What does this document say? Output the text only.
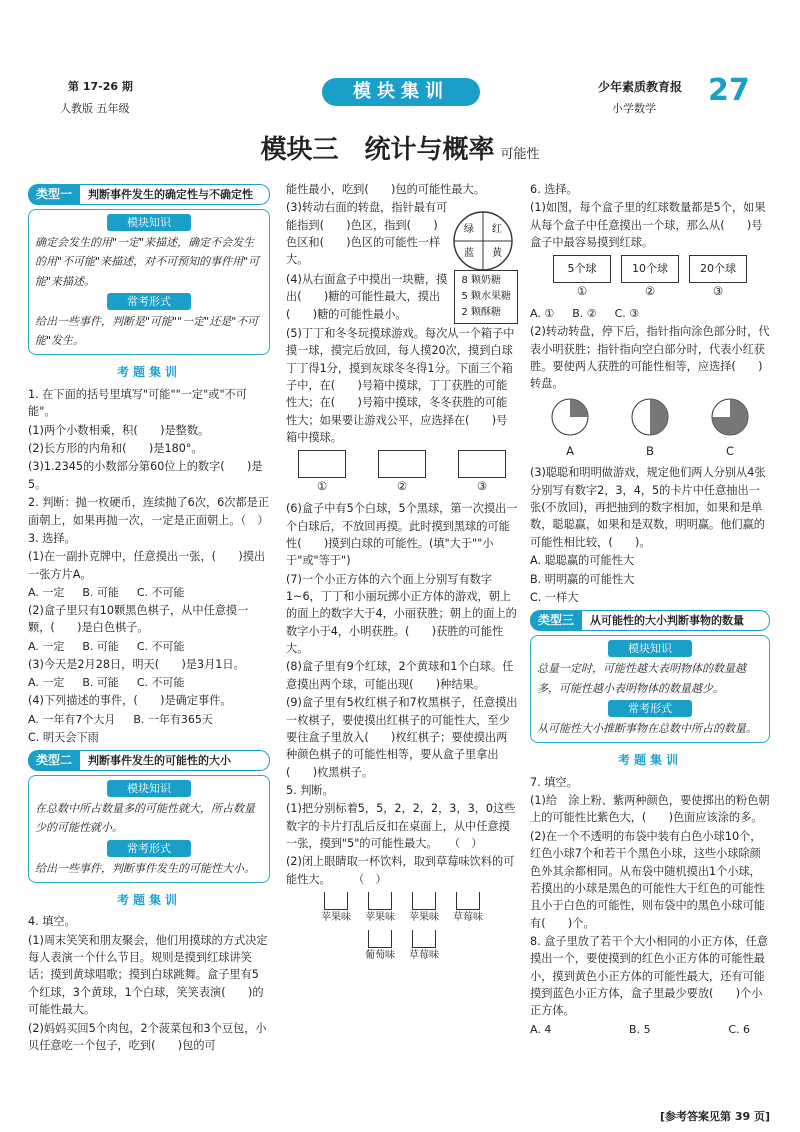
第 17-26 期
人教版 五年级
模块集训	少年素质教育报
小学数学
27
模块三　统计与概率 可能性
类型一	判断事件发生的确定性与不确定性
模块知识
确定会发生的用"一定"来描述，确定不会发生的用"不可能"来描述，对不可预知的事件用"可能"来描述。
常考形式
给出一些事件，判断是"可能""一定"还是"不可能"发生。
考题集训

1. 在下面的括号里填写"可能""一定"或"不可能"。

(1)两个小数相乘，积(　　)是整数。

(2)长方形的内角和(　　)是180°。

(3)1.2345的小数部分第60位上的数字(　　)是5。

2. 判断：抛一枚硬币，连续抛了6次，6次都是正面朝上，如果再抛一次，一定是正面朝上。（　）

3. 选择。

(1)在一副扑克牌中，任意摸出一张，(　　)摸出一张方片A。

A. 一定 B. 可能 C. 不可能

(2)盒子里只有10颗黑色棋子，从中任意摸一颗，(　　)是白色棋子。

A. 一定 B. 可能 C. 不可能

(3)今天是2月28日，明天(　　)是3月1日。

A. 一定 B. 可能 C. 不可能

(4)下列描述的事件，(　　)是确定事件。

A. 一年有7个大月 B. 一年有365天

C. 明天会下雨

类型二	判断事件发生的可能性的大小
模块知识
在总数中所占数量多的可能性就大，所占数量少的可能性就小。
常考形式
给出一些事件，判断事件发生的可能性大小。
考题集训

4. 填空。

(1)周末笑笑和朋友聚会，他们用摸球的方式决定每人表演一个什么节目。规则是摸到红球讲笑话；摸到黄球唱歌；摸到白球跳舞。盒子里有5个红球，3个黄球，1个白球，笑笑表演(　　)的可能性最大。

(2)妈妈买回5个肉包，2个菠菜包和3个豆包，小贝任意吃一个包子，吃到(　　)包的可

能性最小，吃到(　　)包的可能性最大。

(3)转动右面的转盘，指针最有可能指到(　　)色区，指到(　　)色区和(　　)色区的可能性一样大。

(4)从右面盒子中摸出一块糖，摸出(　　)糖的可能性最大，摸出(　　)糖的可能性最小。

8 颗奶糖
5 颗水果糖
2 颗酥糖

(5)丁丁和冬冬玩摸球游戏。每次从一个箱子中摸一球，摸完后放回，每人摸20次，摸到白球丁丁得1分，摸到灰球冬冬得1分。下面三个箱子中，在(　　)号箱中摸球，丁丁获胜的可能性大；在(　　)号箱中摸球，冬冬获胜的可能性大；如果要让游戏公平，应选择在(　　)号箱中摸球。

①	②	③

(6)盒子中有5个白球，5个黑球，第一次摸出一个白球后，不放回再摸。此时摸到黑球的可能性(　　)摸到白球的可能性。(填"大于""小于"或"等于")

(7)一个小正方体的六个面上分别写有数字1~6，丁丁和小丽玩掷小正方体的游戏，朝上的面上的数字大于4，小丽获胜；朝上的面上的数字小于4，小明获胜。(　　)获胜的可能性大。

(8)盒子里有9个红球，2个黄球和1个白球。任意摸出两个球，可能出现(　　)种结果。

(9)盒子里有5枚红棋子和7枚黑棋子，任意摸出一枚棋子，要使摸出红棋子的可能性大，至少要往盒子里放入(　　)枚红棋子；要使摸出两种颜色棋子的可能性相等，要从盒子里拿出(　　)枚黑棋子。

5. 判断。

(1)把分别标着5，5，2，2，2，3，3，0这些数字的卡片打乱后反扣在桌面上，从中任意摸一张，摸到"5"的可能性最大。　　（　）

(2)闭上眼睛取一杯饮料，取到草莓味饮料的可能性大。　　　（　）

苹果味 苹果味 苹果味 草莓味
葡萄味 草莓味
红
绿
蓝 黄

6. 选择。

(1)如图，每个盒子里的红球数量都是5个，如果从每个盒子中任意摸出一个球，那么从(　　)号盒子中最容易摸到红球。

5个球
①
10个球
②
20个球
③
A. ① B. ② C. ③

(2)转动转盘，停下后，指针指向涂色部分时，代表小明获胜；指针指向空白部分时，代表小红获胜。要使两人获胜的可能性相等，应选择(　　)转盘。

A	B	C

(3)聪聪和明明做游戏，规定他们两人分别从4张分别写有数字2，3，4，5的卡片中任意抽出一张(不放回)，再把抽到的数字相加，如果和是单数，聪聪赢，如果和是双数，明明赢。他们赢的可能性相比较，(　　)。

A. 聪聪赢的可能性大

B. 明明赢的可能性大

C. 一样大

类型三	从可能性的大小判断事物的数量
模块知识
总量一定时，可能性越大表明物体的数量越多，可能性越小表明物体的数量越少。
常考形式
从可能性大小推断事物在总数中所占的数量。
考题集训

7. 填空。

(1)给　涂上粉、紫两种颜色，要使掷出的粉色朝上的可能性比紫色大，(　　)色面应该涂的多。

(2)在一个不透明的布袋中装有白色小球10个，红色小球7个和若干个黑色小球，这些小球除颜色外其余都相同。从布袋中随机摸出1个小球，若摸出的小球是黑色的可能性大于红色的可能性且小于白色的可能性，则布袋中的黑色小球可能有(　　)个。

8. 盒子里放了若干个大小相同的小正方体，任意摸出一个，要使摸到的红色小正方体的可能性最小，摸到黄色小正方体的可能性最大，还有可能摸到蓝色小正方体，盒子里最少要放(　　)个小正方体。

A. 4	B. 5	C. 6
[参考答案见第 39 页]
